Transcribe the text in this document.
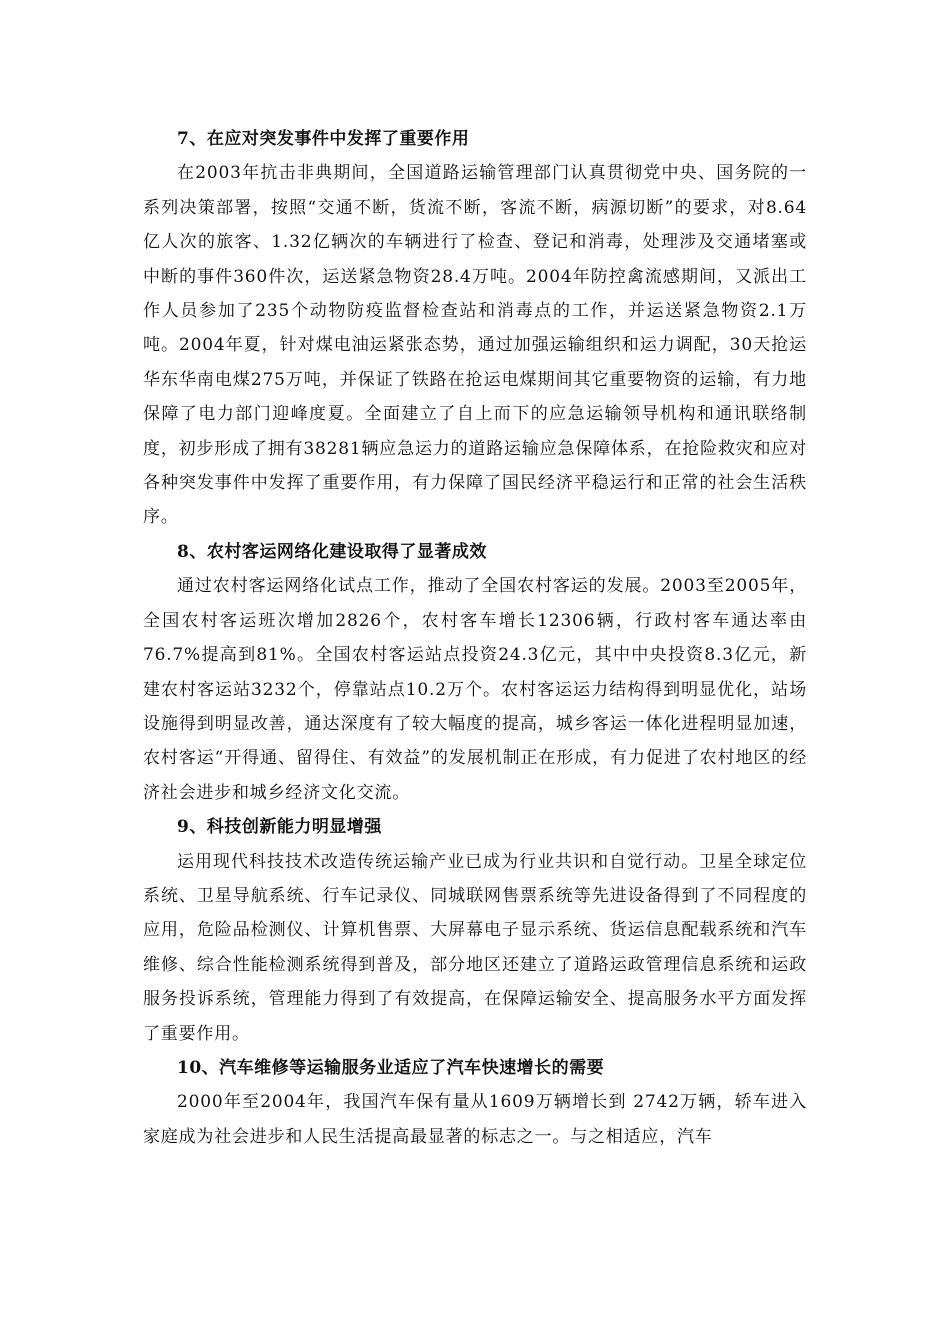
7、在应对突发事件中发挥了重要作用

在2003年抗击非典期间，全国道路运输管理部门认真贯彻党中央、国务院的一系列决策部署，按照“交通不断，货流不断，客流不断，病源切断”的要求，对8.64亿人次的旅客、1.32亿辆次的车辆进行了检查、登记和消毒，处理涉及交通堵塞或中断的事件360件次，运送紧急物资28.4万吨。2004年防控禽流感期间，又派出工作人员参加了235个动物防疫监督检查站和消毒点的工作，并运送紧急物资2.1万吨。2004年夏，针对煤电油运紧张态势，通过加强运输组织和运力调配，30天抢运华东华南电煤275万吨，并保证了铁路在抢运电煤期间其它重要物资的运输，有力地保障了电力部门迎峰度夏。全面建立了自上而下的应急运输领导机构和通讯联络制度，初步形成了拥有38281辆应急运力的道路运输应急保障体系，在抢险救灾和应对各种突发事件中发挥了重要作用，有力保障了国民经济平稳运行和正常的社会生活秩序。

8、农村客运网络化建设取得了显著成效

通过农村客运网络化试点工作，推动了全国农村客运的发展。2003至2005年，全国农村客运班次增加2826个，农村客车增长12306辆，行政村客车通达率由76.7%提高到81%。全国农村客运站点投资24.3亿元，其中中央投资8.3亿元，新建农村客运站3232个，停靠站点10.2万个。农村客运运力结构得到明显优化，站场设施得到明显改善，通达深度有了较大幅度的提高，城乡客运一体化进程明显加速，农村客运“开得通、留得住、有效益”的发展机制正在形成，有力促进了农村地区的经济社会进步和城乡经济文化交流。

9、科技创新能力明显增强

运用现代科技技术改造传统运输产业已成为行业共识和自觉行动。卫星全球定位系统、卫星导航系统、行车记录仪、同城联网售票系统等先进设备得到了不同程度的应用，危险品检测仪、计算机售票、大屏幕电子显示系统、货运信息配载系统和汽车维修、综合性能检测系统得到普及，部分地区还建立了道路运政管理信息系统和运政服务投诉系统，管理能力得到了有效提高，在保障运输安全、提高服务水平方面发挥了重要作用。

10、汽车维修等运输服务业适应了汽车快速增长的需要

2000年至2004年，我国汽车保有量从1609万辆增长到 2742万辆，轿车进入家庭成为社会进步和人民生活提高最显著的标志之一。与之相适应，汽车
